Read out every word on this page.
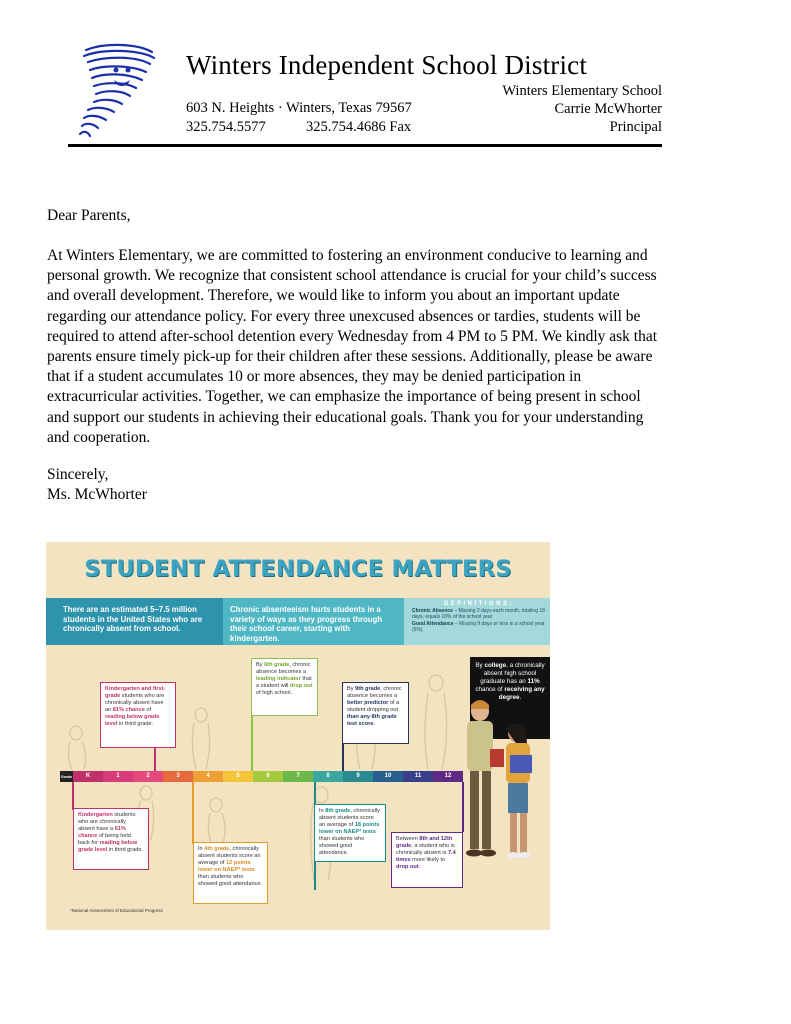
Winters Independent School District
603 N. Heights · Winters, Texas 79567
325.754.5577	325.754.4686 Fax
Winters Elementary School
Carrie McWhorter
Principal
Dear Parents,
At Winters Elementary, we are committed to fostering an environment conducive to learning and
personal growth. We recognize that consistent school attendance is crucial for your child’s success
and overall development. Therefore, we would like to inform you about an important update
regarding our attendance policy. For every three unexcused absences or tardies, students will be
required to attend after-school detention every Wednesday from 4 PM to 5 PM. We kindly ask that
parents ensure timely pick-up for their children after these sessions. Additionally, please be aware
that if a student accumulates 10 or more absences, they may be denied participation in
extracurricular activities. Together, we can emphasize the importance of being present in school
and support our students in achieving their educational goals. Thank you for your understanding
and cooperation.
Sincerely,
Ms. McWhorter
STUDENT ATTENDANCE MATTERS
There are an estimated 5–7.5 million students in the United States who are chronically absent from school.
Chronic absenteeism hurts students in a variety of ways as they progress through their school career, starting with kindergarten.
DEFINITIONS:
Chronic Absence – Missing 2 days each month, totaling 18 days, equals 10% of the school year
Good Attendance – Missing 9 days or less in a school year (5%)
Kindergarten and first-grade students who are chronically absent have an 81% chance of reading below grade level in third grade.
Kindergarten students who are chronically absent have a 61% chance of being held back for reading below grade level in third grade.	In 4th grade, chronically absent students score an average of 12 points lower on NAEP* tests than students who showed good attendance.
By 6th grade, chronic absence becomes a leading indicator that a student will drop out of high school.
By 9th grade, chronic absence becomes a better predictor of a student dropping out than any 8th grade test score.
In 8th grade, chronically absent students score an average of 18 points lower on NAEP* tests than students who showed good attendance.
Between 8th and 12th grade, a student who is chronically absent is 7.4 times more likely to drop out.
By college, a chronically absent high school graduate has an 11% chance of receiving any degree.
Grade	K	1	2	3	4	5	6	7	8	9	10	11	12
*National Assessment of Educational Progress
